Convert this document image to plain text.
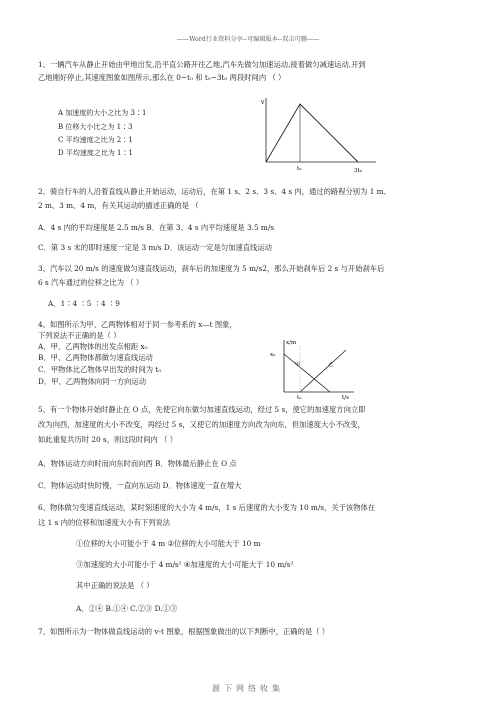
——Word行业资料分享--可编辑版本--双击可删——
1、一辆汽车从静止开始由甲地出发,沿平直公路开往乙地,汽车先做匀加速运动,接着做匀减速运动,开到
乙地刚好停止,其速度图象如图所示,那么在 0~t₀ 和 t₀~3t₀ 两段时间内 （ ）
A 加速度的大小之比为 3∶1
B 位移大小比之为 1∶3
C 平均速度之比为 2∶1
D 平均速度之比为 1∶1
v
t₀	3t₀
2、骑自行车的人沿着直线从静止开始运动，运动后，在第 1 s、2 s、3 s、4 s 内，通过的路程分别为 1 m、
2 m、3 m、4 m，有关其运动的描述正确的是 （
A．4 s 内的平均速度是 2.5 m/s B．在第 3、4 s 内平均速度是 3.5 m/s
C．第 3 s 末的即时速度一定是 3 m/s D．该运动一定是匀加速直线运动
3、汽车以 20 m/s 的速度做匀速直线运动，刹车后的加速度为 5 m/s2，那么开始刹车后 2 s 与开始刹车后
6 s 汽车通过的位移之比为 （ ）
A．1∶4 ∶5 ∶4 ∶9
4、如图所示为甲、乙两物体相对于同一参考系的 x—t 图象，
下列说法不正确的是（ ）
A．甲、乙两物体的出发点相距 x₀
B．甲、乙两物体都做匀速直线运动
C．甲物体比乙物体早出发的时间为 t₀
D．甲、乙两物体向同一方向运动
x/m
x₀
t₀	t/s
甲	乙
5、有一个物体开始时静止在 O 点，先使它向东做匀加速直线运动，经过 5 s，使它的加速度方向立即
改为向西，加速度的大小不改变，再经过 5 s，又使它的加速度方向改为向东，但加速度大小不改变，
如此重复共历时 20 s，则这段时间内 （ ）
A．物体运动方向时而向东时而向西 B．物体最后静止在 O 点
C．物体运动时快时慢，一直向东运动 D．物体速度一直在增大
6、物体做匀变速直线运动，某时刻速度的大小为 4 m/s，1 s 后速度的大小变为 10 m/s，关于该物体在
这 1 s 内的位移和加速度大小有下列说法
①位移的大小可能小于 4 m ②位移的大小可能大于 10 m
③加速度的大小可能小于 4 m/s² ④加速度的大小可能大于 10 m/s²
其中正确的说法是 （ ）
A．②④ B.①④ C.②③ D.①③
7、如图所示为一物体做直线运动的 v-t 图象，根据图象做出的以下判断中，正确的是（ ）
源下网络收集
